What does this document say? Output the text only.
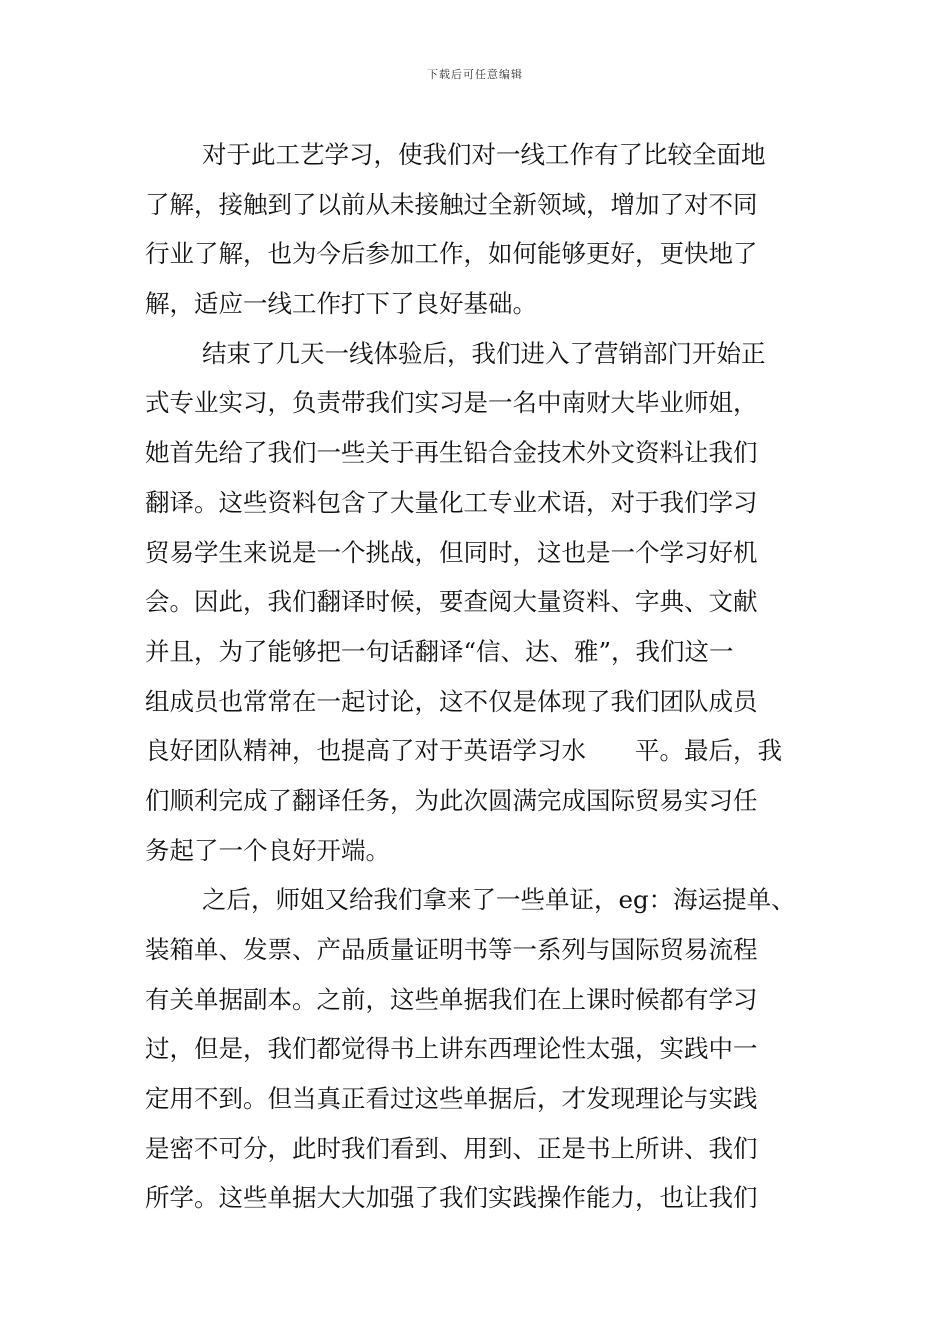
下载后可任意编辑
对于此工艺学习，使我们对一线工作有了比较全面地
了解，接触到了以前从未接触过全新领域，增加了对不同
行业了解，也为今后参加工作，如何能够更好，更快地了
解，适应一线工作打下了良好基础。
结束了几天一线体验后，我们进入了营销部门开始正
式专业实习，负责带我们实习是一名中南财大毕业师姐，
她首先给了我们一些关于再生铅合金技术外文资料让我们
翻译。这些资料包含了大量化工专业术语，对于我们学习
贸易学生来说是一个挑战，但同时，这也是一个学习好机
会。因此，我们翻译时候，要查阅大量资料、字典、文献
并且，为了能够把一句话翻译“信、达、雅”，我们这一
组成员也常常在一起讨论，这不仅是体现了我们团队成员
良好团队精神，也提高了对于英语学习水　　平。最后，我
们顺利完成了翻译任务，为此次圆满完成国际贸易实习任
务起了一个良好开端。
之后，师姐又给我们拿来了一些单证，eg：海运提单、
装箱单、发票、产品质量证明书等一系列与国际贸易流程
有关单据副本。之前，这些单据我们在上课时候都有学习
过，但是，我们都觉得书上讲东西理论性太强，实践中一
定用不到。但当真正看过这些单据后，才发现理论与实践
是密不可分，此时我们看到、用到、正是书上所讲、我们
所学。这些单据大大加强了我们实践操作能力，也让我们
